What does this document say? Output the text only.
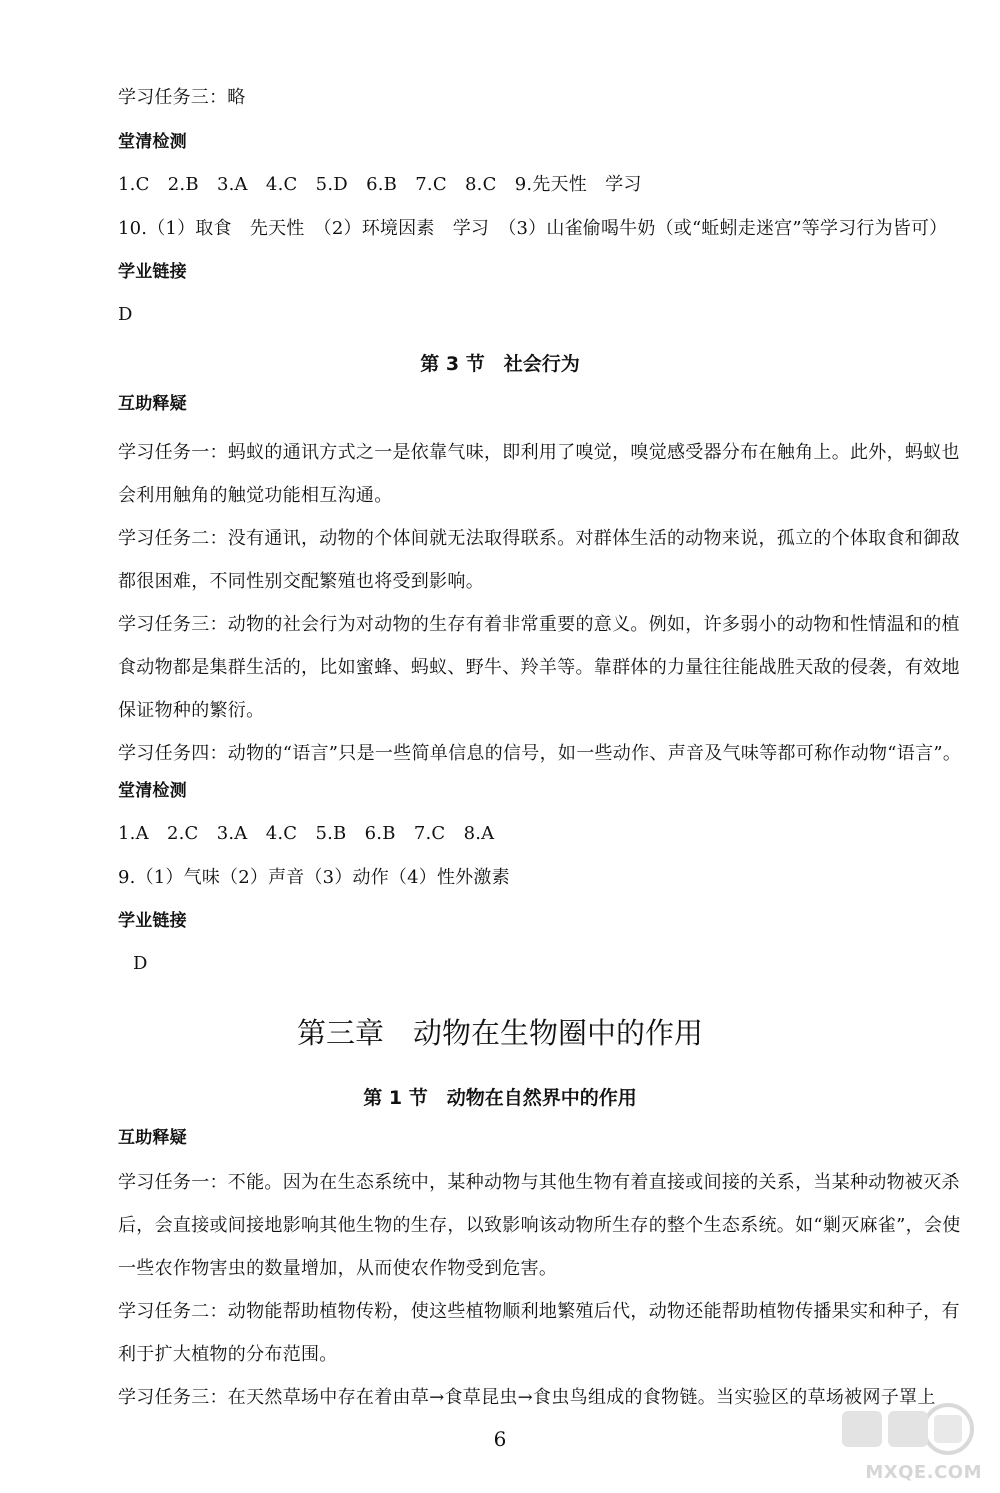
学习任务三：略
堂清检测
1.C　2.B　3.A　4.C　5.D　6.B　7.C　8.C　9.先天性　学习
10.（1）取食　先天性　（2）环境因素　学习　（3）山雀偷喝牛奶（或“蚯蚓走迷宫”等学习行为皆可）
学业链接
D
第 3 节　社会行为
互助释疑
学习任务一：蚂蚁的通讯方式之一是依靠气味，即利用了嗅觉，嗅觉感受器分布在触角上。此外，蚂蚁也会利用触角的触觉功能相互沟通。
学习任务二：没有通讯，动物的个体间就无法取得联系。对群体生活的动物来说，孤立的个体取食和御敌都很困难，不同性别交配繁殖也将受到影响。
学习任务三：动物的社会行为对动物的生存有着非常重要的意义。例如，许多弱小的动物和性情温和的植食动物都是集群生活的，比如蜜蜂、蚂蚁、野牛、羚羊等。靠群体的力量往往能战胜天敌的侵袭，有效地保证物种的繁衍。
学习任务四：动物的“语言”只是一些简单信息的信号，如一些动作、声音及气味等都可称作动物“语言”。
堂清检测
1.A　2.C　3.A　4.C　5.B　6.B　7.C　8.A
9.（1）气味（2）声音（3）动作（4）性外激素
学业链接
D
第三章　动物在生物圈中的作用
第 1 节　动物在自然界中的作用
互助释疑
学习任务一：不能。因为在生态系统中，某种动物与其他生物有着直接或间接的关系，当某种动物被灭杀后，会直接或间接地影响其他生物的生存，以致影响该动物所生存的整个生态系统。如“剿灭麻雀”，会使一些农作物害虫的数量增加，从而使农作物受到危害。
学习任务二：动物能帮助植物传粉，使这些植物顺利地繁殖后代，动物还能帮助植物传播果实和种子，有利于扩大植物的分布范围。
学习任务三：在天然草场中存在着由草→食草昆虫→食虫鸟组成的食物链。当实验区的草场被网子罩上
6
MXQE.COM
